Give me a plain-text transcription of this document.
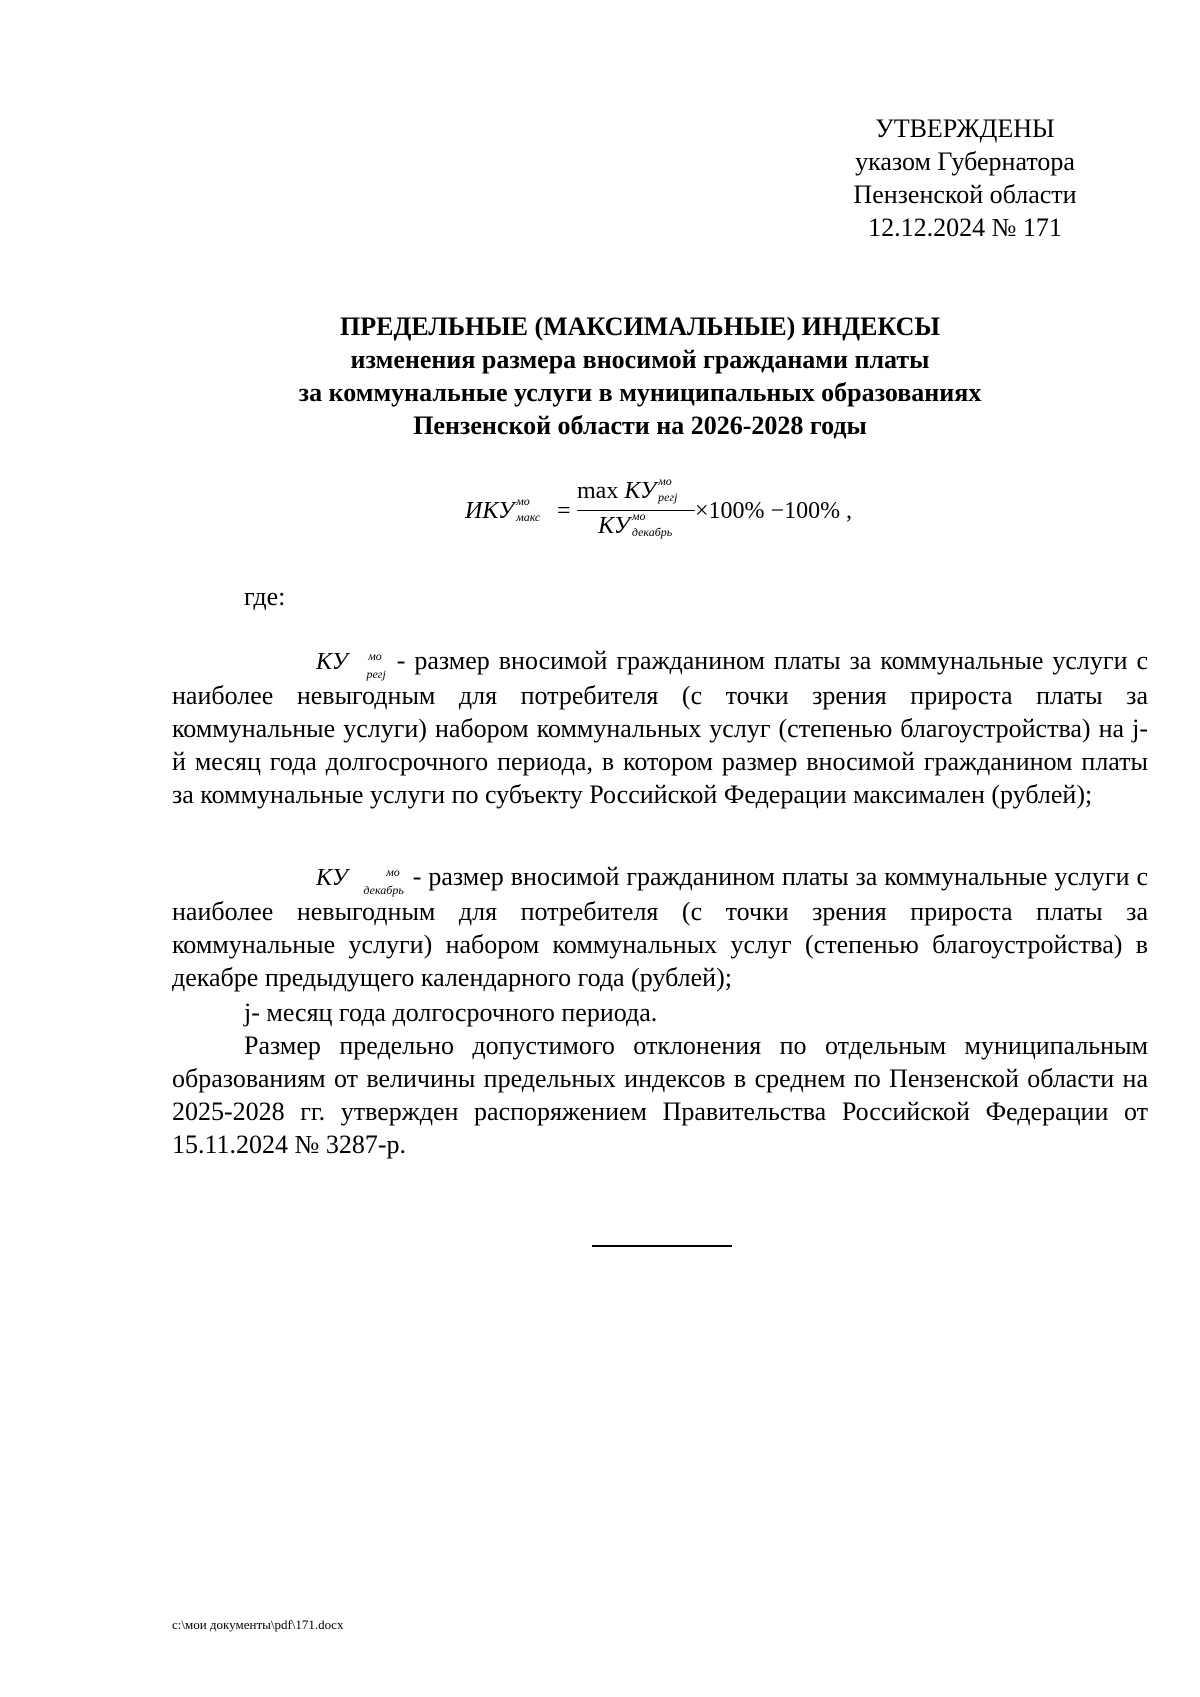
УТВЕРЖДЕНЫ
указом Губернатора
Пензенской области
12.12.2024 № 171
ПРЕДЕЛЬНЫЕ (МАКСИМАЛЬНЫЕ) ИНДЕКСЫ
изменения размера вносимой гражданами платы
за коммунальные услуги в муниципальных образованиях
Пензенской области на 2026-2028 годы
ИКУ мо
макс =
max КУ мо
регj
КУ мо
декабрь
×100% −100% ,
где:
КУ	мо
регj - размер вносимой гражданином платы за коммунальные услуги с наиболее невыгодным для потребителя (с точки зрения прироста платы за коммунальные услуги) набором коммунальных услуг (степенью благоустройства) на j-й месяц года долгосрочного периода, в котором размер вносимой гражданином платы за коммунальные услуги по субъекту Российской Федерации максимален (рублей);
КУ	мо
декабрь - размер вносимой гражданином платы за коммунальные услуги с наиболее невыгодным для потребителя (с точки зрения прироста платы за коммунальные услуги) набором коммунальных услуг (степенью благоустройства) в декабре предыдущего календарного года (рублей);
j- месяц года долгосрочного периода.
Размер предельно допустимого отклонения по отдельным муниципальным образованиям от величины предельных индексов в среднем по Пензенской области на 2025-2028 гг. утвержден распоряжением Правительства Российской Федерации от 15.11.2024 № 3287-р.
c:\мои документы\pdf\171.docx
